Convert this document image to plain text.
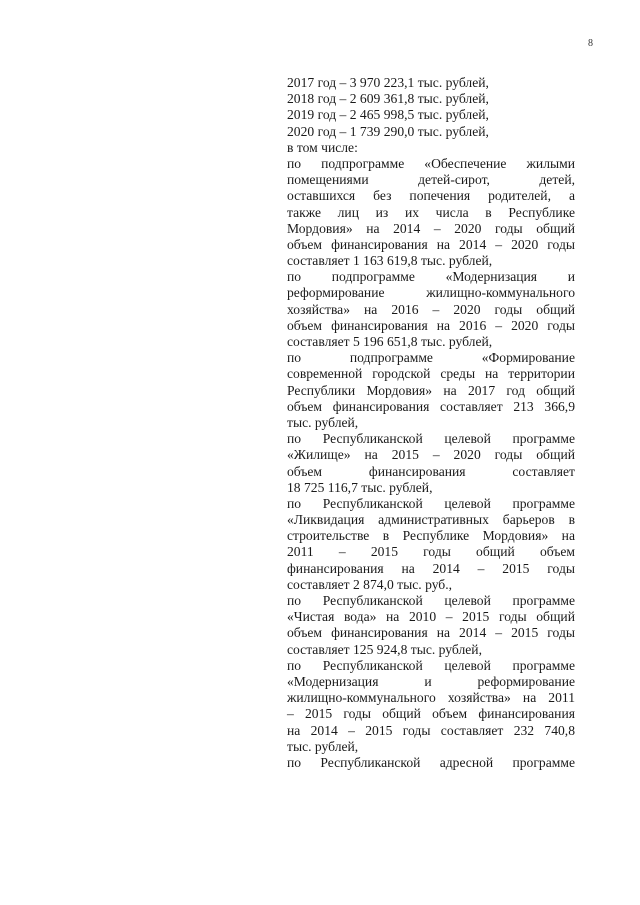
8
2017 год – 3 970 223,1 тыс. рублей,
2018 год – 2 609 361,8 тыс. рублей,
2019 год – 2 465 998,5 тыс. рублей,
2020 год – 1 739 290,0 тыс. рублей,
в том числе:
по подпрограмме «Обеспечение жилыми
помещениями детей-сирот, детей,
оставшихся без попечения родителей, а
также лиц из их числа в Республике
Мордовия» на 2014 – 2020 годы общий
объем финансирования на 2014 – 2020 годы
составляет 1 163 619,8 тыс. рублей,
по подпрограмме «Модернизация и
реформирование жилищно-коммунального
хозяйства» на 2016 – 2020 годы общий
объем финансирования на 2016 – 2020 годы
составляет 5 196 651,8 тыс. рублей,
по подпрограмме «Формирование
современной городской среды на территории
Республики Мордовия» на 2017 год общий
объем финансирования составляет 213 366,9
тыс. рублей,
по Республиканской целевой программе
«Жилище» на 2015 – 2020 годы общий
объем финансирования составляет
18 725 116,7 тыс. рублей,
по Республиканской целевой программе
«Ликвидация административных барьеров в
строительстве в Республике Мордовия» на
2011 – 2015 годы общий объем
финансирования на 2014 – 2015 годы
составляет 2 874,0 тыс. руб.,
по Республиканской целевой программе
«Чистая вода» на 2010 – 2015 годы общий
объем финансирования на 2014 – 2015 годы
составляет 125 924,8 тыс. рублей,
по Республиканской целевой программе
«Модернизация и реформирование
жилищно-коммунального хозяйства» на 2011
– 2015 годы общий объем финансирования
на 2014 – 2015 годы составляет 232 740,8
тыс. рублей,
по Республиканской адресной программе
